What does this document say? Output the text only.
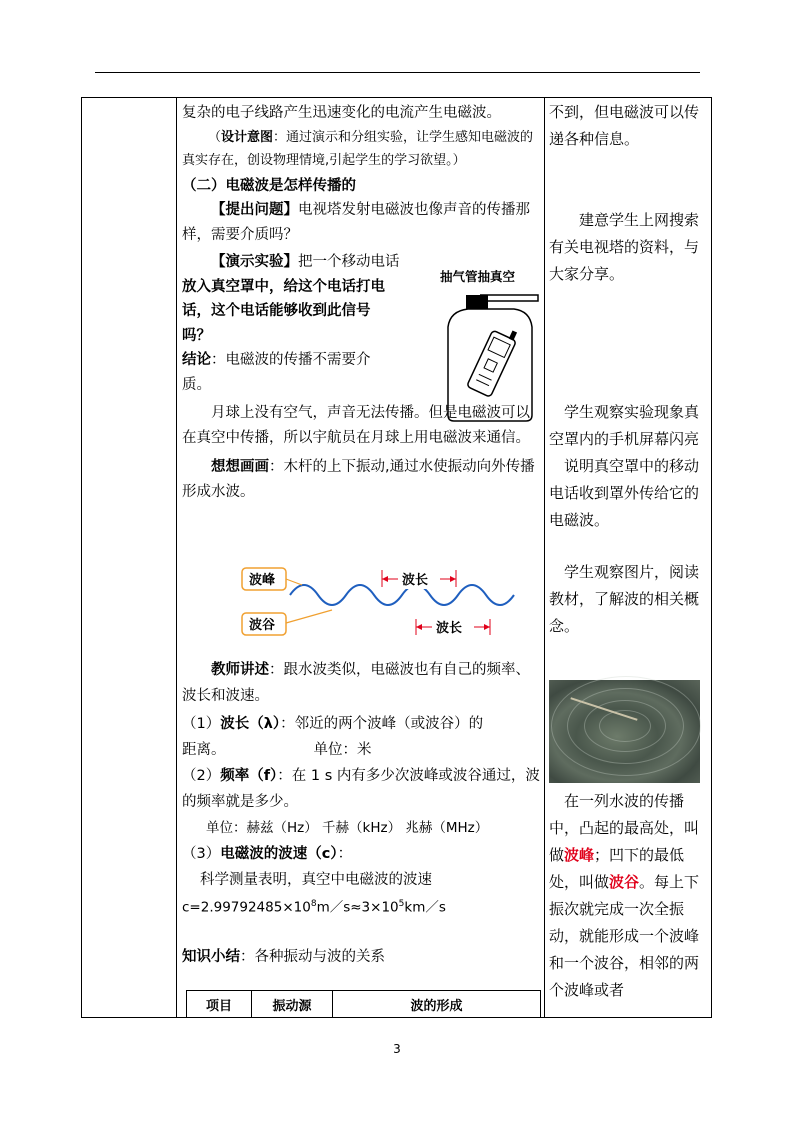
复杂的电子线路产生迅速变化的电流产生电磁波。

（设计意图：通过演示和分组实验，让学生感知电磁波的真实存在，创设物理情境,引起学生的学习欲望。）

（二）电磁波是怎样传播的

【提出问题】电视塔发射电磁波也像声音的传播那样，需要介质吗？

【演示实验】把一个移动电话

放入真空罩中，给这个电话打电

话，这个电话能够收到此信号

吗？

结论：电磁波的传播不需要介

质。

月球上没有空气，声音无法传播。但是电磁波可以在真空中传播，所以宇航员在月球上用电磁波来通信。

想想画画：木杆的上下振动,通过水使振动向外传播形成水波。

教师讲述：跟水波类似，电磁波也有自己的频率、波长和波速。

（1）波长（λ）：邻近的两个波峰（或波谷）的

距离。	单位：米

（2）频率（f）：在 1 s 内有多少次波峰或波谷通过，波的频率就是多少。

单位：赫兹（Hz） 千赫（kHz） 兆赫（MHz）

（3）电磁波的波速（c）：

科学测量表明，真空中电磁波的波速

$c=2.99792485\times 10^8m/s\approx 3\times 10^5km/s$

知识小结：各种振动与波的关系

抽气管抽真空
波峰
波谷
波长
波长

不到，但电磁波可以传递各种信息。

建意学生上网搜索有关电视塔的资料，与大家分享。

学生观察实验现象真空罩内的手机屏幕闪亮

说明真空罩中的移动电话收到罩外传给它的电磁波。

学生观察图片，阅读教材，了解波的相关概念。

在一列水波的传播中，凸起的最高处，叫做波峰；凹下的最低处，叫做波谷。每上下振次就完成一次全振动，就能形成一个波峰和一个波谷，相邻的两个波峰或者

项目	振动源	波的形成
3
